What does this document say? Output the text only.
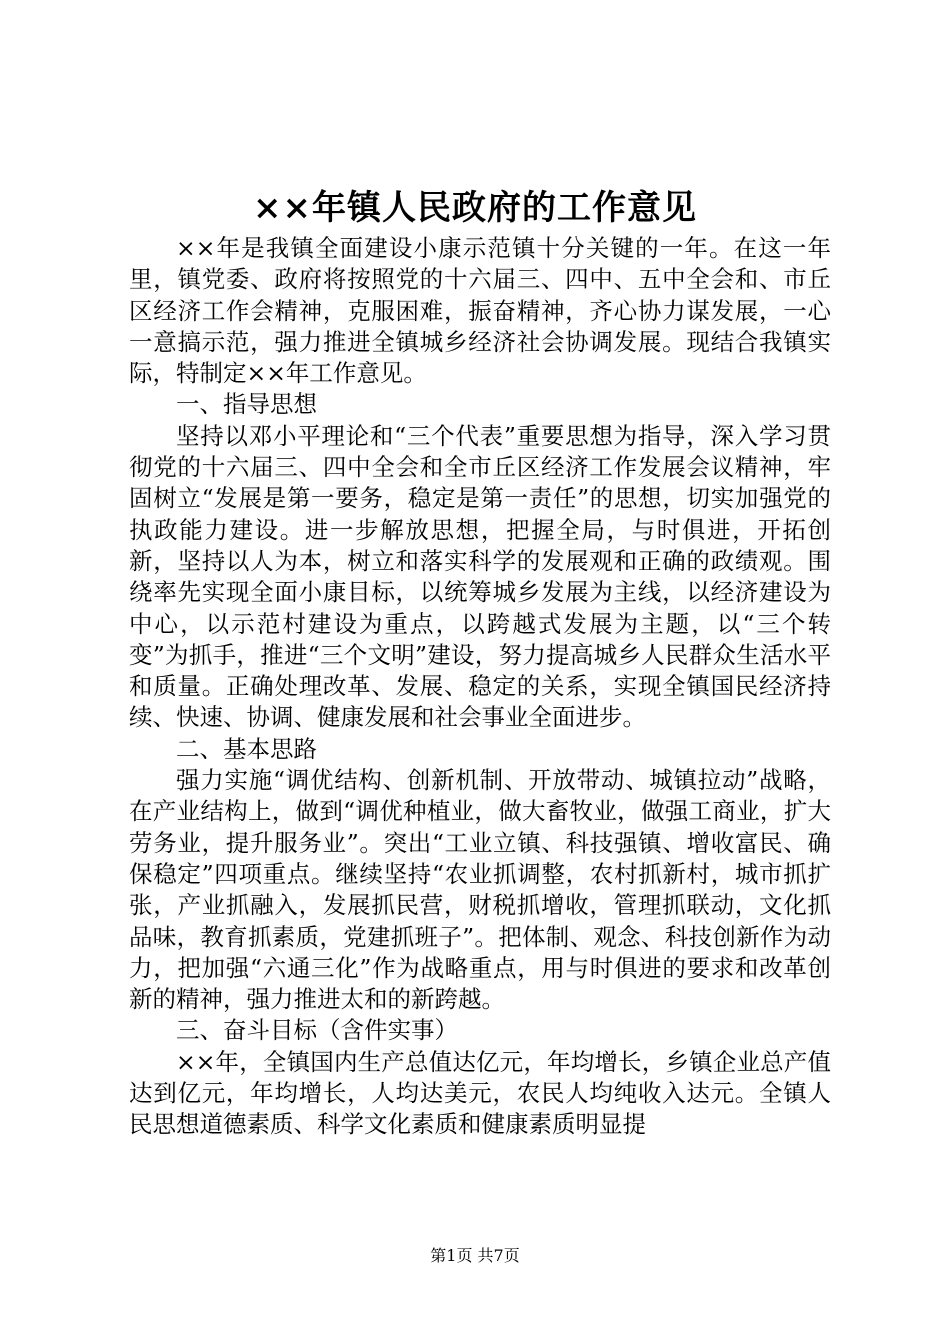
××年镇人民政府的工作意见

××年是我镇全面建设小康示范镇十分关键的一年。在这一年里，镇党委、政府将按照党的十六届三、四中、五中全会和、市丘区经济工作会精神，克服困难，振奋精神，齐心协力谋发展，一心一意搞示范，强力推进全镇城乡经济社会协调发展。现结合我镇实际，特制定××年工作意见。

一、指导思想

坚持以邓小平理论和“三个代表”重要思想为指导，深入学习贯彻党的十六届三、四中全会和全市丘区经济工作发展会议精神，牢固树立“发展是第一要务，稳定是第一责任”的思想，切实加强党的执政能力建设。进一步解放思想，把握全局，与时俱进，开拓创新，坚持以人为本，树立和落实科学的发展观和正确的政绩观。围绕率先实现全面小康目标，以统筹城乡发展为主线，以经济建设为中心，以示范村建设为重点，以跨越式发展为主题，以“三个转变”为抓手，推进“三个文明”建设，努力提高城乡人民群众生活水平和质量。正确处理改革、发展、稳定的关系，实现全镇国民经济持续、快速、协调、健康发展和社会事业全面进步。

二、基本思路

强力实施“调优结构、创新机制、开放带动、城镇拉动”战略，在产业结构上，做到“调优种植业，做大畜牧业，做强工商业，扩大劳务业，提升服务业”。突出“工业立镇、科技强镇、增收富民、确保稳定”四项重点。继续坚持“农业抓调整，农村抓新村，城市抓扩张，产业抓融入，发展抓民营，财税抓增收，管理抓联动，文化抓品味，教育抓素质，党建抓班子”。把体制、观念、科技创新作为动力，把加强“六通三化”作为战略重点，用与时俱进的要求和改革创新的精神，强力推进太和的新跨越。

三、奋斗目标（含件实事）

××年，全镇国内生产总值达亿元，年均增长，乡镇企业总产值达到亿元，年均增长，人均达美元，农民人均纯收入达元。全镇人民思想道德素质、科学文化素质和健康素质明显提

第1页 共7页
